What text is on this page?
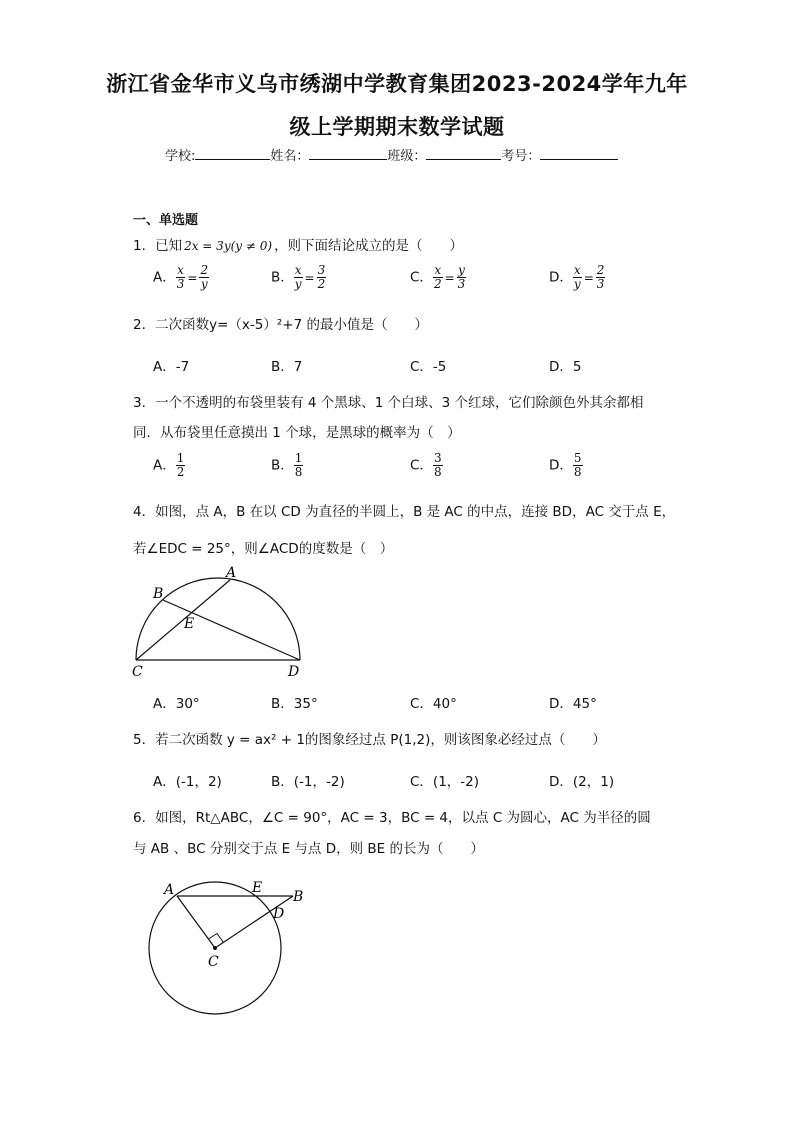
浙江省金华市义乌市绣湖中学教育集团2023-2024学年九年
级上学期期末数学试题
学校:	姓名：	班级：	考号：
一、单选题
1．已知 2x = 3y(y ≠ 0) ，则下面结论成立的是（　　）
A． $\frac{x}{3} = \frac{2}{y}$	B． $\frac{x}{y} = \frac{3}{2}$	C． $\frac{x}{2} = \frac{y}{3}$	D． $\frac{x}{y} = \frac{2}{3}$
2．二次函数y=（x-5）²+7 的最小值是（　　）
A．-7	B．7	C．-5	D．5
3．一个不透明的布袋里装有 4 个黑球、1 个白球、3 个红球，它们除颜色外其余都相
同．从布袋里任意摸出 1 个球，是黑球的概率为（　）
A． $\frac{1}{2}$	B． $\frac{1}{8}$	C． $\frac{3}{8}$	D． $\frac{5}{8}$
4．如图，点 A，B 在以 CD 为直径的半圆上，B 是 AC 的中点，连接 BD，AC 交于点 E，
若∠EDC = 25°，则∠ACD的度数是（　）
A
B
E
C	D
A．30°	B．35°	C．40°	D．45°
5．若二次函数 y = ax² + 1的图象经过点 P(1,2)，则该图象必经过点（　　）
A．(-1，2)	B．(-1，-2)	C．(1，-2)	D．(2，1)
6．如图，Rt△ABC，∠C = 90°，AC = 3，BC = 4，以点 C 为圆心，AC 为半径的圆
与 AB 、BC 分别交于点 E 与点 D，则 BE 的长为（　　）
A	E
B
D
C
